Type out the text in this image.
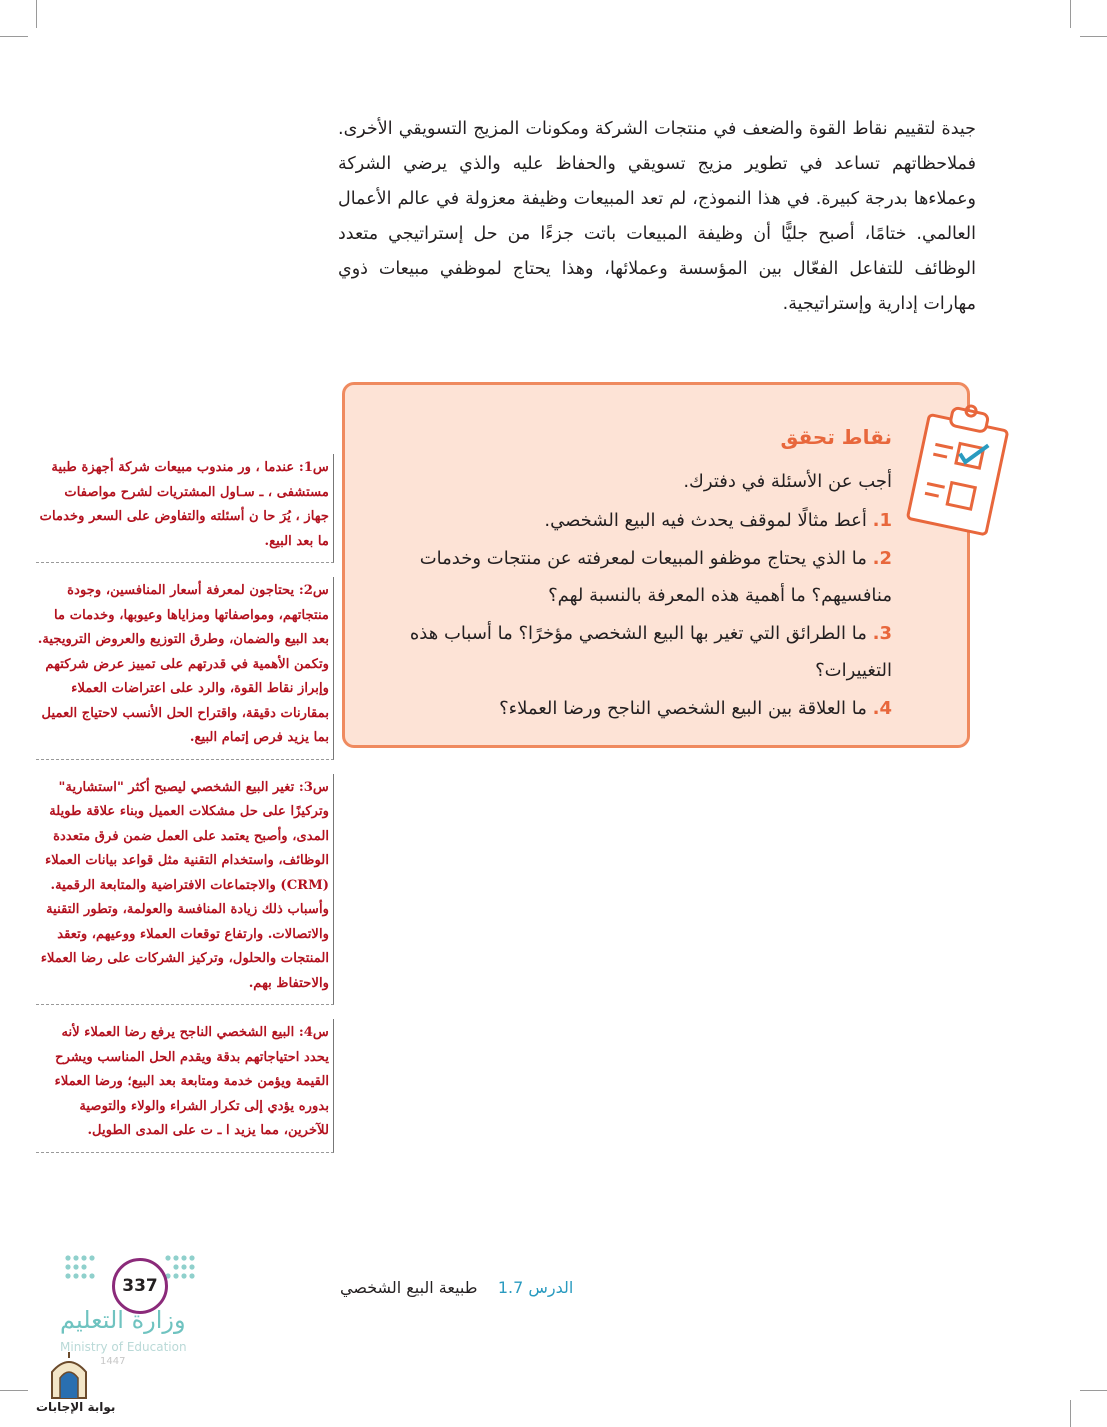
جيدة لتقييم نقاط القوة والضعف في منتجات الشركة ومكونات المزيج التسويقي الأخرى. فملاحظاتهم تساعد في تطوير مزيج تسويقي والحفاظ عليه والذي يرضي الشركة وعملاءها بدرجة كبيرة. في هذا النموذج، لم تعد المبيعات وظيفة معزولة في عالم الأعمال العالمي. ختامًا، أصبح جليًّا أن وظيفة المبيعات باتت جزءًا من حل إستراتيجي متعدد الوظائف للتفاعل الفعّال بين المؤسسة وعملائها، وهذا يحتاج لموظفي مبيعات ذوي مهارات إدارية وإستراتيجية.

نقاط تحقق
أجب عن الأسئلة في دفترك.
1. أعط مثالًا لموقف يحدث فيه البيع الشخصي.
2. ما الذي يحتاج موظفو المبيعات لمعرفته عن منتجات وخدمات منافسيهم؟ ما أهمية هذه المعرفة بالنسبة لهم؟
3. ما الطرائق التي تغير بها البيع الشخصي مؤخرًا؟ ما أسباب هذه التغييرات؟
4. ما العلاقة بين البيع الشخصي الناجح ورضا العملاء؟
س1: عندما ، ور مندوب مبيعات شركة أجهزة طبية مستشفى ، ـ سـاول المشتريات لشرح مواصفات جهاز ، يُرَ حا ن أسئلته والتفاوض على السعر وخدمات ما بعد البيع.
س2: يحتاجون لمعرفة أسعار المنافسين، وجودة منتجاتهم، ومواصفاتها ومزاياها وعيوبها، وخدمات ما بعد البيع والضمان، وطرق التوزيع والعروض الترويجية. وتكمن الأهمية في قدرتهم على تمييز عرض شركتهم وإبراز نقاط القوة، والرد على اعتراضات العملاء بمقارنات دقيقة، واقتراح الحل الأنسب لاحتياج العميل بما يزيد فرص إتمام البيع.
س3: تغير البيع الشخصي ليصبح أكثر "استشارية" وتركيزًا على حل مشكلات العميل وبناء علاقة طويلة المدى، وأصبح يعتمد على العمل ضمن فرق متعددة الوظائف، واستخدام التقنية مثل قواعد بيانات العملاء (CRM) والاجتماعات الافتراضية والمتابعة الرقمية. وأسباب ذلك زيادة المنافسة والعولمة، وتطور التقنية والاتصالات. وارتفاع توقعات العملاء ووعيهم، وتعقد المنتجات والحلول، وتركيز الشركات على رضا العملاء والاحتفاظ بهم.
س4: البيع الشخصي الناجح يرفع رضا العملاء لأنه يحدد احتياجاتهم بدقة ويقدم الحل المناسب ويشرح القيمة ويؤمن خدمة ومتابعة بعد البيع؛ ورضا العملاء بدوره يؤدي إلى تكرار الشراء والولاء والتوصية للآخرين، مما يزيد ا ـ ت على المدى الطويل.
الدرس 1.7    طبيعة البيع الشخصي
337
وزارة التعليم
Ministry of Education
1447
بوابة الإجابات
